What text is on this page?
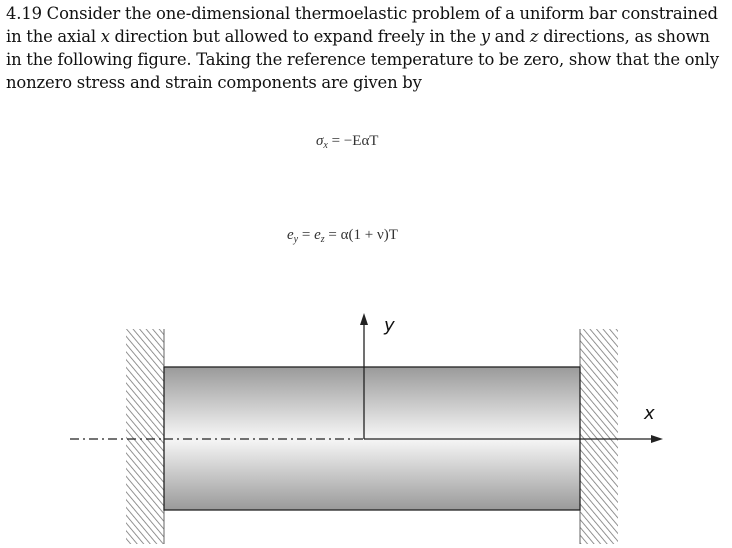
4.19 Consider the one-dimensional thermoelastic problem of a uniform bar constrained in the axial x direction but allowed to expand freely in the y and z directions, as shown in the following figure. Taking the reference temperature to be zero, show that the only nonzero stress and strain components are given by

$\sigma_x = -E\alpha T$
$e_y = e_z = \alpha(1 + \nu)T$
y
x
